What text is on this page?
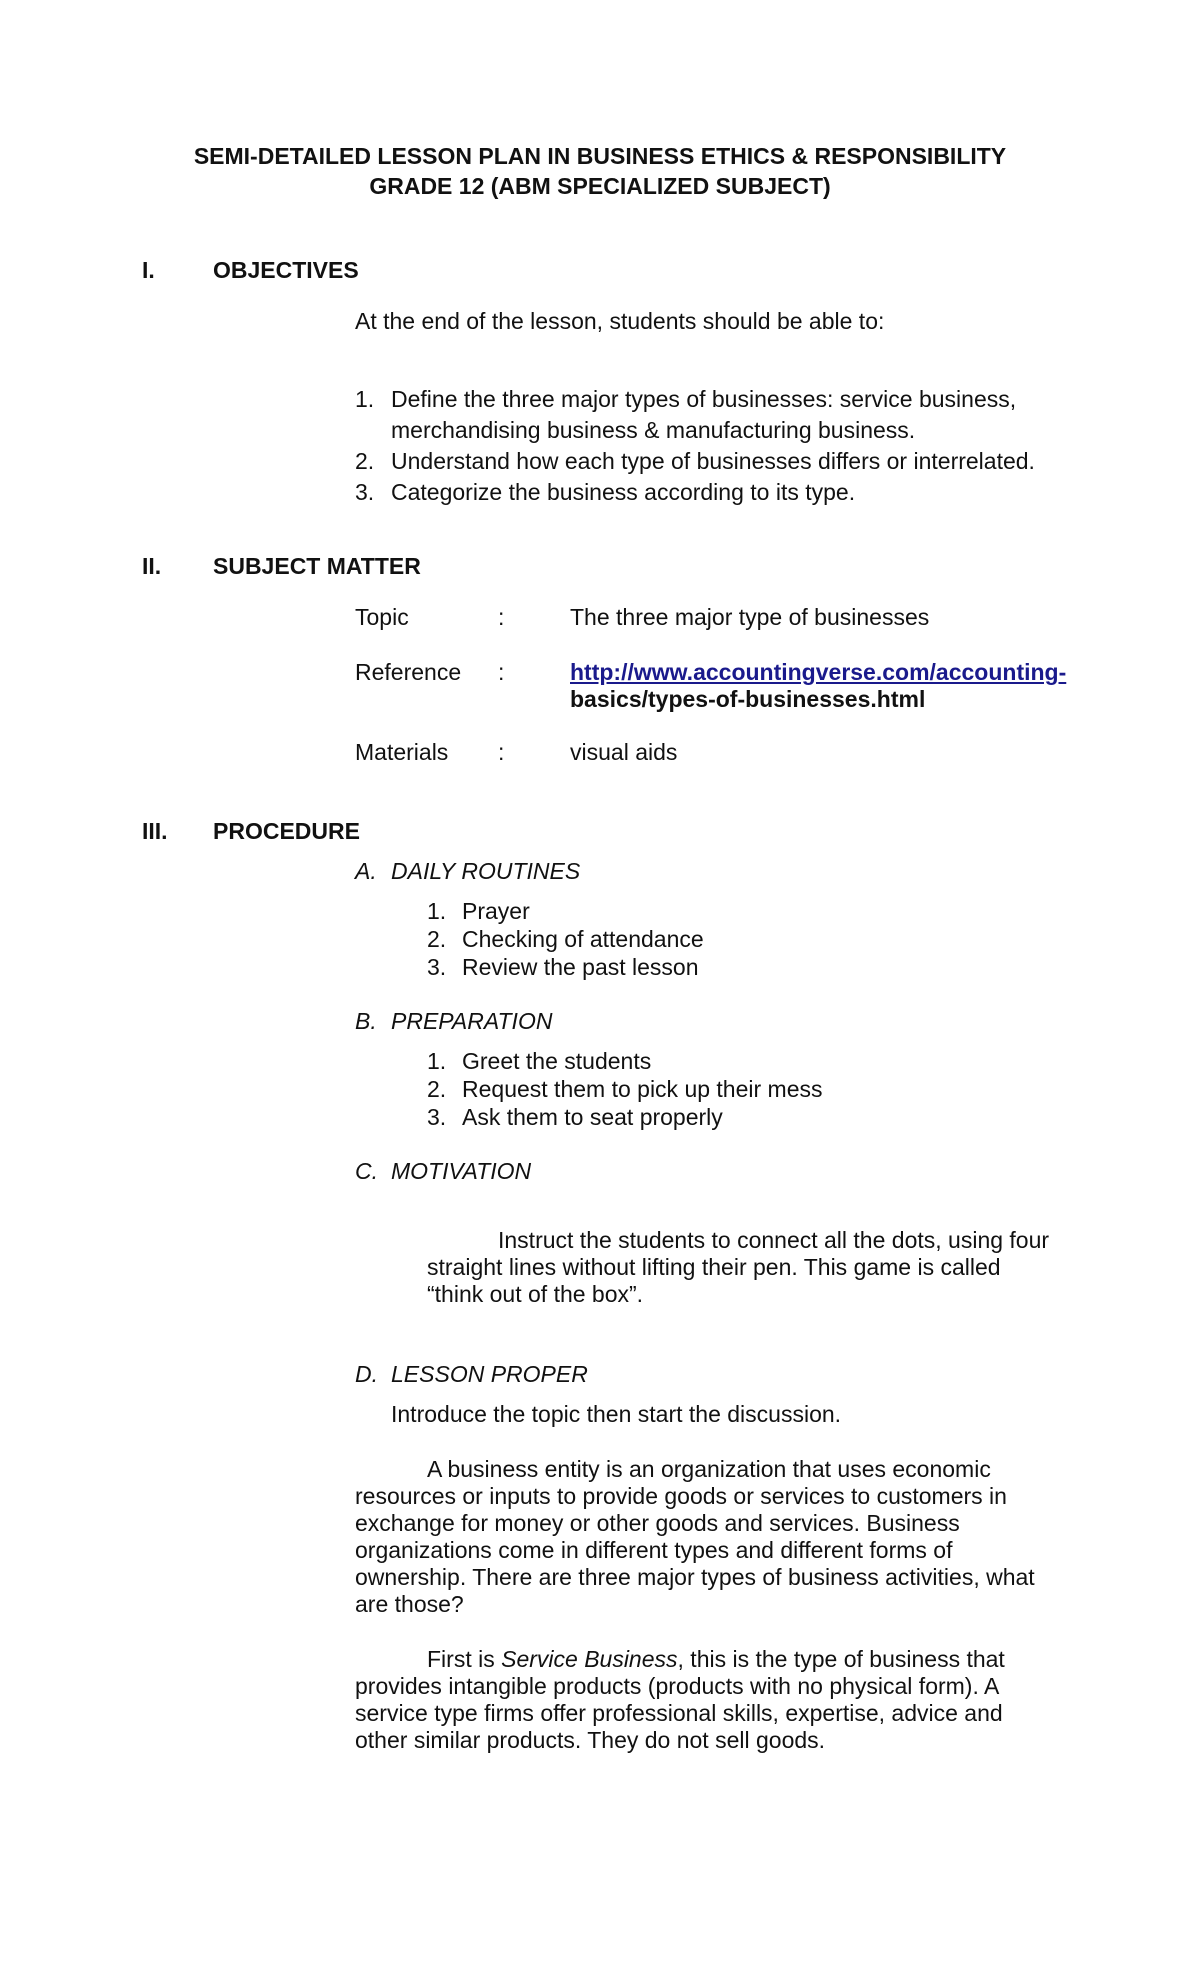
SEMI-DETAILED LESSON PLAN IN BUSINESS ETHICS & RESPONSIBILITY

GRADE 12 (ABM SPECIALIZED SUBJECT)

I.	OBJECTIVES

At the end of the lesson, students should be able to:

1. Define the three major types of businesses: service business,

merchandising business & manufacturing business.

2. Understand how each type of businesses differs or interrelated.

3. Categorize the business according to its type.

II. SUBJECT MATTER

Topic	:	The three major type of businesses

Reference :	http://www.accountingverse.com/accounting-

basics/types-of-businesses.html

Materials :	visual aids

III. PROCEDURE

A. DAILY ROUTINES

1. Prayer

2. Checking of attendance

3. Review the past lesson

B. PREPARATION

1. Greet the students

2. Request them to pick up their mess

3. Ask them to seat properly

C. MOTIVATION

Instruct the students to connect all the dots, using four

straight lines without lifting their pen. This game is called

“think out of the box”.

D. LESSON PROPER

Introduce the topic then start the discussion.

A business entity is an organization that uses economic

resources or inputs to provide goods or services to customers in

exchange for money or other goods and services. Business

organizations come in different types and different forms of

ownership. There are three major types of business activities, what

are those?

First is Service Business, this is the type of business that

provides intangible products (products with no physical form). A

service type firms offer professional skills, expertise, advice and

other similar products. They do not sell goods.
